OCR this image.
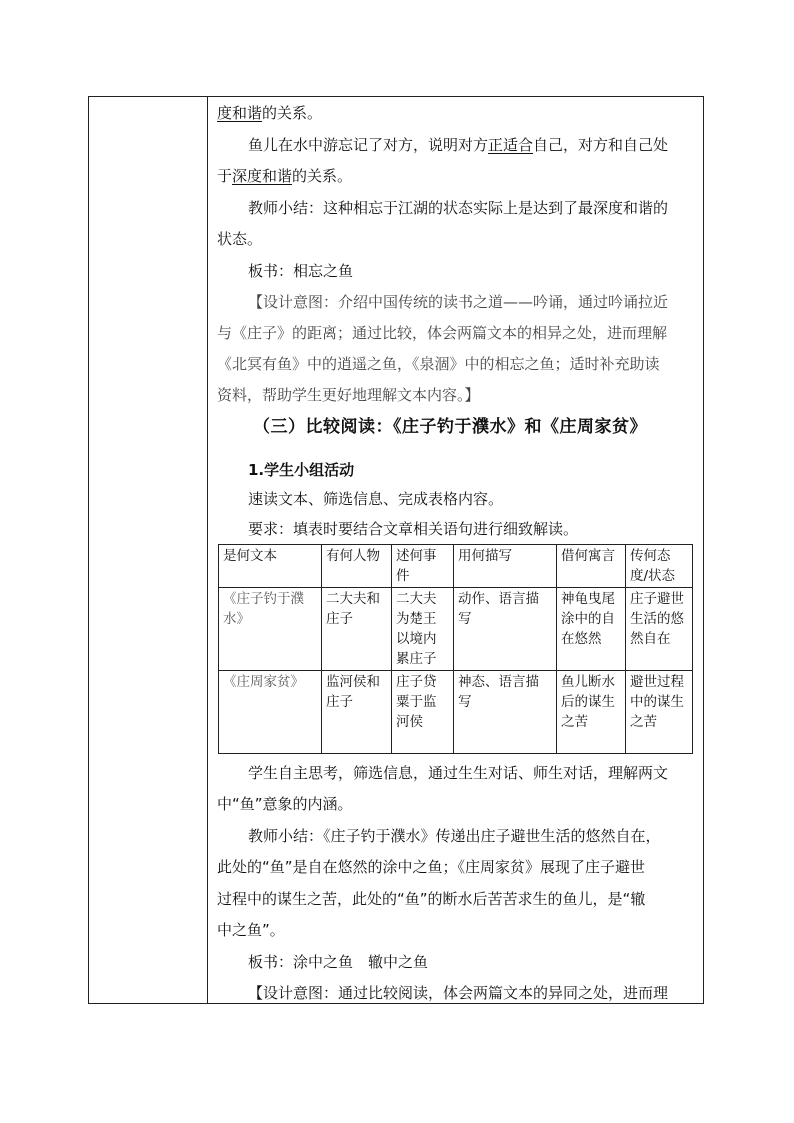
度和谐的关系。
鱼儿在水中游忘记了对方，说明对方正适合自己，对方和自己处
于深度和谐的关系。
教师小结：这种相忘于江湖的状态实际上是达到了最深度和谐的
状态。
板书：相忘之鱼
【设计意图：介绍中国传统的读书之道——吟诵，通过吟诵拉近
与《庄子》的距离；通过比较，体会两篇文本的相异之处，进而理解
《北冥有鱼》中的逍遥之鱼，《泉涸》中的相忘之鱼；适时补充助读
资料，帮助学生更好地理解文本内容。】
（三）比较阅读：《庄子钓于濮水》和《庄周家贫》
1.学生小组活动
速读文本、筛选信息、完成表格内容。
要求：填表时要结合文章相关语句进行细致解读。
是何文本	有何人物	述何事件	用何描写	借何寓言	传何态度/状态
《庄子钓于濮水》	二大夫和庄子	二大夫为楚王以境内累庄子	动作、语言描写	神龟曳尾涂中的自在悠然	庄子避世生活的悠然自在
《庄周家贫》	监河侯和庄子	庄子贷粟于监河侯	神态、语言描写	鱼儿断水后的谋生之苦	避世过程中的谋生之苦
学生自主思考，筛选信息，通过生生对话、师生对话，理解两文
中“鱼”意象的内涵。
教师小结：《庄子钓于濮水》传递出庄子避世生活的悠然自在，
此处的“鱼”是自在悠然的涂中之鱼；《庄周家贫》展现了庄子避世
过程中的谋生之苦，此处的“鱼”的断水后苦苦求生的鱼儿，是“辙
中之鱼”。
板书：涂中之鱼　辙中之鱼
【设计意图：通过比较阅读，体会两篇文本的异同之处，进而理
